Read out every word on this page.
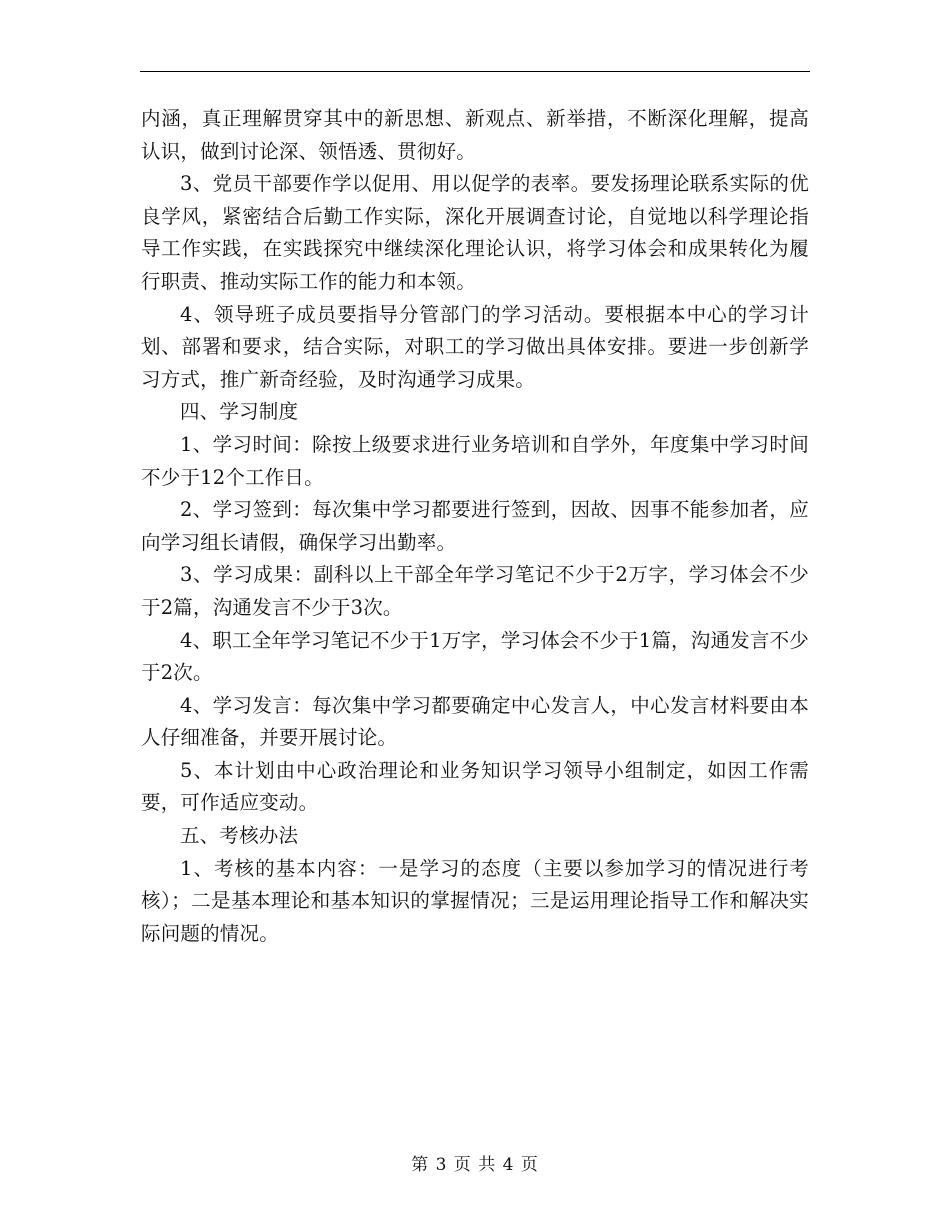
内涵，真正理解贯穿其中的新思想、新观点、新举措，不断深化理解，提高认识，做到讨论深、领悟透、贯彻好。

3、党员干部要作学以促用、用以促学的表率。要发扬理论联系实际的优良学风，紧密结合后勤工作实际，深化开展调查讨论，自觉地以科学理论指导工作实践，在实践探究中继续深化理论认识，将学习体会和成果转化为履行职责、推动实际工作的能力和本领。

4、领导班子成员要指导分管部门的学习活动。要根据本中心的学习计划、部署和要求，结合实际，对职工的学习做出具体安排。要进一步创新学习方式，推广新奇经验，及时沟通学习成果。

四、学习制度

1、学习时间：除按上级要求进行业务培训和自学外，年度集中学习时间不少于12个工作日。

2、学习签到：每次集中学习都要进行签到，因故、因事不能参加者，应向学习组长请假，确保学习出勤率。

3、学习成果：副科以上干部全年学习笔记不少于2万字，学习体会不少于2篇，沟通发言不少于3次。

4、职工全年学习笔记不少于1万字，学习体会不少于1篇，沟通发言不少于2次。

4、学习发言：每次集中学习都要确定中心发言人，中心发言材料要由本人仔细准备，并要开展讨论。

5、本计划由中心政治理论和业务知识学习领导小组制定，如因工作需要，可作适应变动。

五、考核办法

1、考核的基本内容：一是学习的态度（主要以参加学习的情况进行考核）；二是基本理论和基本知识的掌握情况；三是运用理论指导工作和解决实际问题的情况。

第 3 页 共 4 页
